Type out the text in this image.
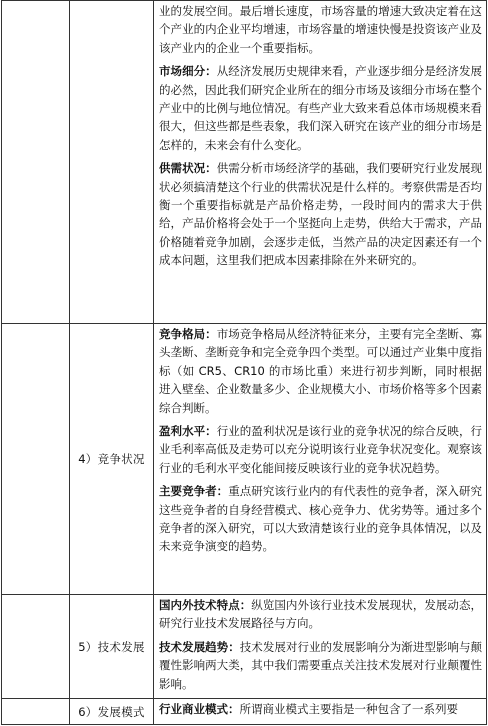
		业的发展空间。最后增长速度，市场容量的增速大致决定着在这个产业的内企业平均增速，市场容量的增速快慢是投资该产业及该产业内的企业一个重要指标。

市场细分：从经济发展历史规律来看，产业逐步细分是经济发展的必然，因此我们研究企业所在的细分市场及该细分市场在整个产业中的比例与地位情况。有些产业大致来看总体市场规模来看很大，但这些都是些表象，我们深入研究在该产业的细分市场是怎样的，未来会有什么变化。

供需状况：供需分析市场经济学的基础，我们要研究行业发展现状必须搞清楚这个行业的供需状况是什么样的。考察供需是否均衡一个重要指标就是产品价格走势，一段时间内的需求大于供给，产品价格将会处于一个坚挺向上走势，供给大于需求，产品价格随着竞争加剧，会逐步走低，当然产品的决定因素还有一个成本问题，这里我们把成本因素排除在外来研究的。

	4）竞争状况	竞争格局：市场竞争格局从经济特征来分，主要有完全垄断、寡头垄断、垄断竞争和完全竞争四个类型。可以通过产业集中度指标（如 CR5、CR10 的市场比重）来进行初步判断，同时根据进入壁垒、企业数量多少、企业规模大小、市场价格等多个因素综合判断。

盈利水平：行业的盈利状况是该行业的竞争状况的综合反映，行业毛利率高低及走势可以充分说明该行业竞争状况变化。观察该行业的毛利水平变化能间接反映该行业的竞争状况趋势。

主要竞争者：重点研究该行业内的有代表性的竞争者，深入研究这些竞争者的自身经营模式、核心竞争力、优劣势等。通过多个竞争者的深入研究，可以大致清楚该行业的竞争具体情况，以及未来竞争演变的趋势。

	5）技术发展	国内外技术特点：纵览国内外该行业技术发展现状，发展动态，研究行业技术发展路径与方向。

技术发展趋势：技术发展对行业的发展影响分为渐进型影响与颠覆性影响两大类，其中我们需要重点关注技术发展对行业颠覆性影响。

	6）发展模式	行业商业模式：所谓商业模式主要指是一种包含了一系列要
